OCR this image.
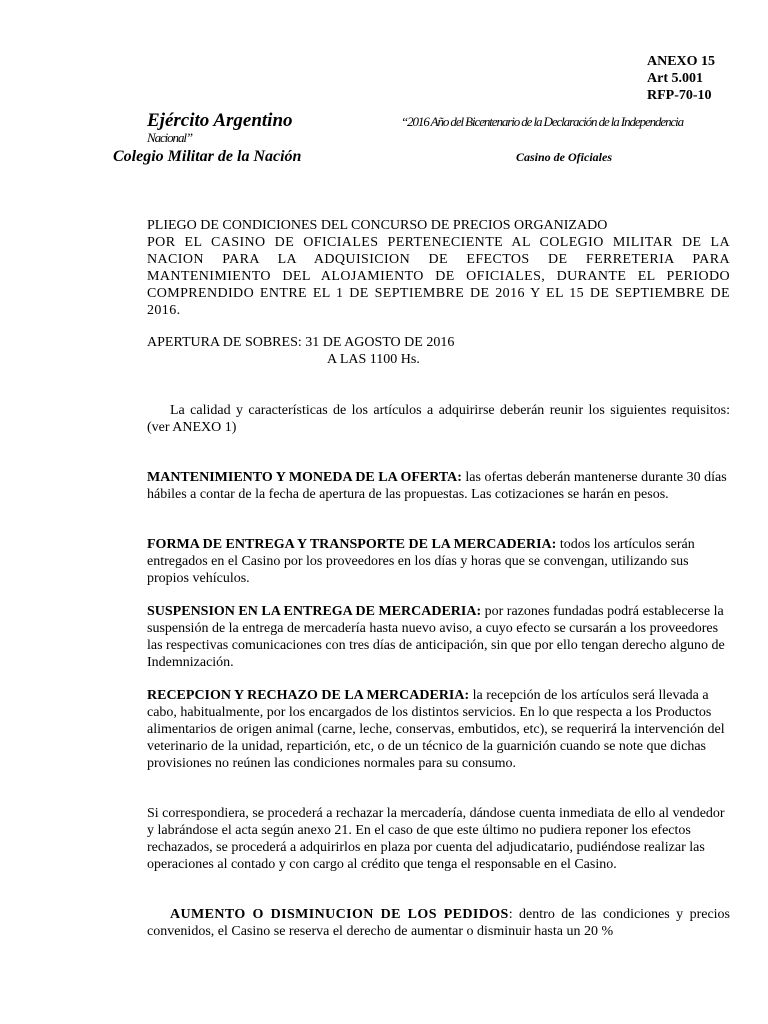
ANEXO 15
Art 5.001
RFP-70-10
Ejército Argentino	“2016 Año del Bicentenario de la Declaración de la Independencia
Nacional”
Colegio Militar de la Nación	Casino de Oficiales
PLIEGO DE CONDICIONES DEL CONCURSO DE PRECIOS ORGANIZADO
POR EL CASINO DE OFICIALES PERTENECIENTE AL COLEGIO MILITAR DE LA NACION PARA LA ADQUISICION DE EFECTOS DE FERRETERIA PARA MANTENIMIENTO DEL ALOJAMIENTO DE OFICIALES, DURANTE EL PERIODO COMPRENDIDO ENTRE EL 1 DE SEPTIEMBRE DE 2016 Y EL 15 DE SEPTIEMBRE DE 2016.
APERTURA DE SOBRES: 31 DE AGOSTO DE 2016
A LAS 1100 Hs.
La calidad y características de los artículos a adquirirse deberán reunir los siguientes requisitos: (ver ANEXO 1)
MANTENIMIENTO Y MONEDA DE LA OFERTA: las ofertas deberán mantenerse durante 30 días hábiles a contar de la fecha de apertura de las propuestas. Las cotizaciones se harán en pesos.
FORMA DE ENTREGA Y TRANSPORTE DE LA MERCADERIA: todos los artículos serán entregados en el Casino por los proveedores en los días y horas que se convengan, utilizando sus propios vehículos.
SUSPENSION EN LA ENTREGA DE MERCADERIA: por razones fundadas podrá establecerse la suspensión de la entrega de mercadería hasta nuevo aviso, a cuyo efecto se cursarán a los proveedores las respectivas comunicaciones con tres días de anticipación, sin que por ello tengan derecho alguno de Indemnización.
RECEPCION Y RECHAZO DE LA MERCADERIA: la recepción de los artículos será llevada a cabo, habitualmente, por los encargados de los distintos servicios. En lo que respecta a los Productos alimentarios de origen animal (carne, leche, conservas, embutidos, etc), se requerirá la intervención del veterinario de la unidad, repartición, etc, o de un técnico de la guarnición cuando se note que dichas provisiones no reúnen las condiciones normales para su consumo.
Si correspondiera, se procederá a rechazar la mercadería, dándose cuenta inmediata de ello al vendedor y labrándose el acta según anexo 21. En el caso de que este último no pudiera reponer los efectos rechazados, se procederá a adquirirlos en plaza por cuenta del adjudicatario, pudiéndose realizar las operaciones al contado y con cargo al crédito que tenga el responsable en el Casino.
AUMENTO O DISMINUCION DE LOS PEDIDOS: dentro de las condiciones y precios convenidos, el Casino se reserva el derecho de aumentar o disminuir hasta un 20 %
